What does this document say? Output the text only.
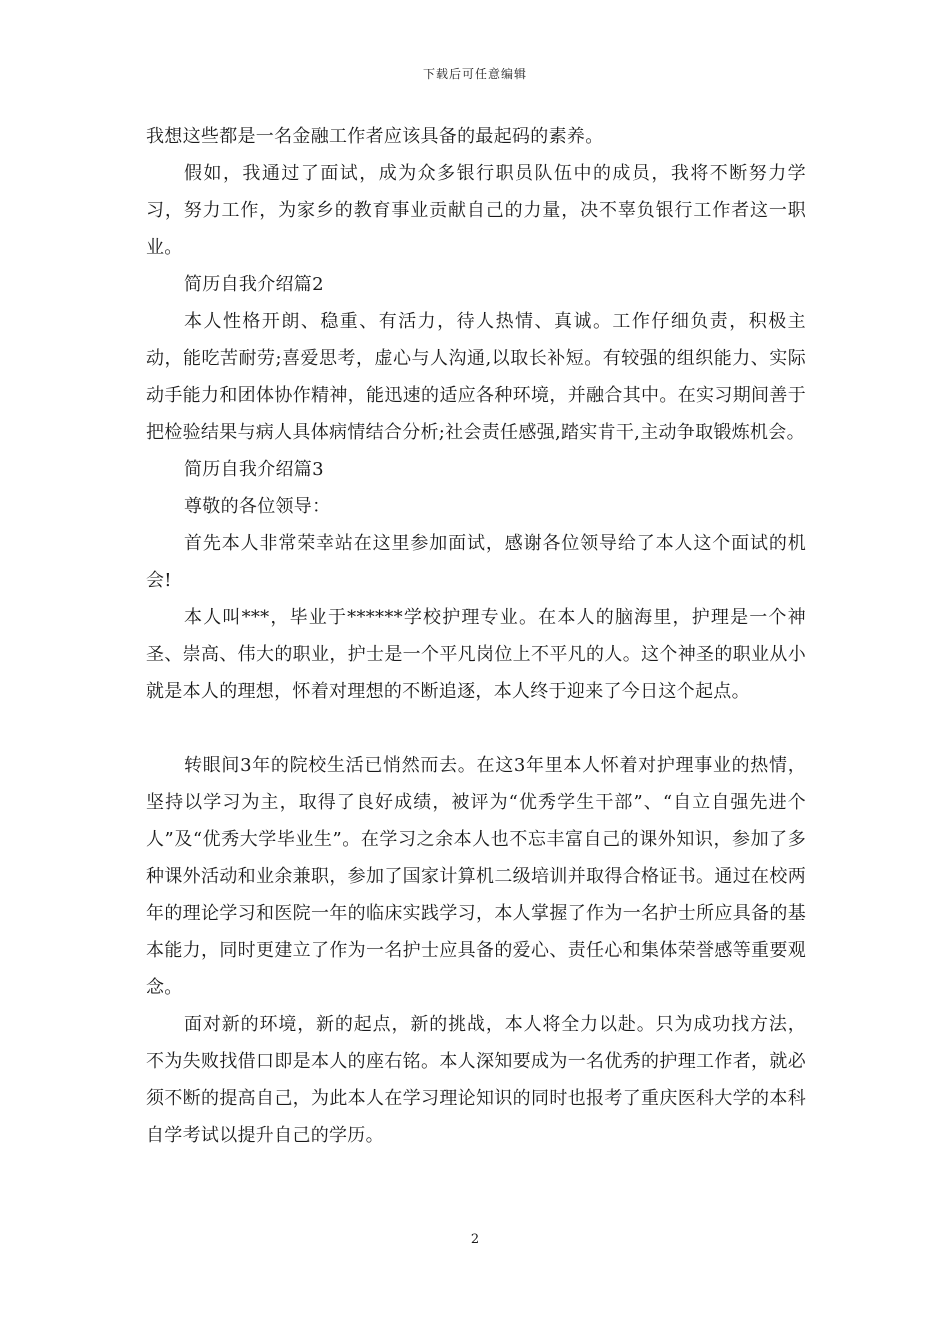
下载后可任意编辑

我想这些都是一名金融工作者应该具备的最起码的素养。

假如，我通过了面试，成为众多银行职员队伍中的成员，我将不断努力学习，努力工作，为家乡的教育事业贡献自己的力量，决不辜负银行工作者这一职业。

简历自我介绍篇2

本人性格开朗、稳重、有活力，待人热情、真诚。工作仔细负责，积极主动，能吃苦耐劳;喜爱思考，虚心与人沟通,以取长补短。有较强的组织能力、实际动手能力和团体协作精神，能迅速的适应各种环境，并融合其中。在实习期间善于把检验结果与病人具体病情结合分析;社会责任感强,踏实肯干,主动争取锻炼机会。

简历自我介绍篇3

尊敬的各位领导：

首先本人非常荣幸站在这里参加面试，感谢各位领导给了本人这个面试的机会!

本人叫***，毕业于******学校护理专业。在本人的脑海里，护理是一个神圣、崇高、伟大的职业，护士是一个平凡岗位上不平凡的人。这个神圣的职业从小就是本人的理想，怀着对理想的不断追逐，本人终于迎来了今日这个起点。

转眼间3年的院校生活已悄然而去。在这3年里本人怀着对护理事业的热情，坚持以学习为主，取得了良好成绩，被评为“优秀学生干部”、“自立自强先进个人”及“优秀大学毕业生”。在学习之余本人也不忘丰富自己的课外知识，参加了多种课外活动和业余兼职，参加了国家计算机二级培训并取得合格证书。通过在校两年的理论学习和医院一年的临床实践学习，本人掌握了作为一名护士所应具备的基本能力，同时更建立了作为一名护士应具备的爱心、责任心和集体荣誉感等重要观念。

面对新的环境，新的起点，新的挑战，本人将全力以赴。只为成功找方法，不为失败找借口即是本人的座右铭。本人深知要成为一名优秀的护理工作者，就必须不断的提高自己，为此本人在学习理论知识的同时也报考了重庆医科大学的本科自学考试以提升自己的学历。

2
